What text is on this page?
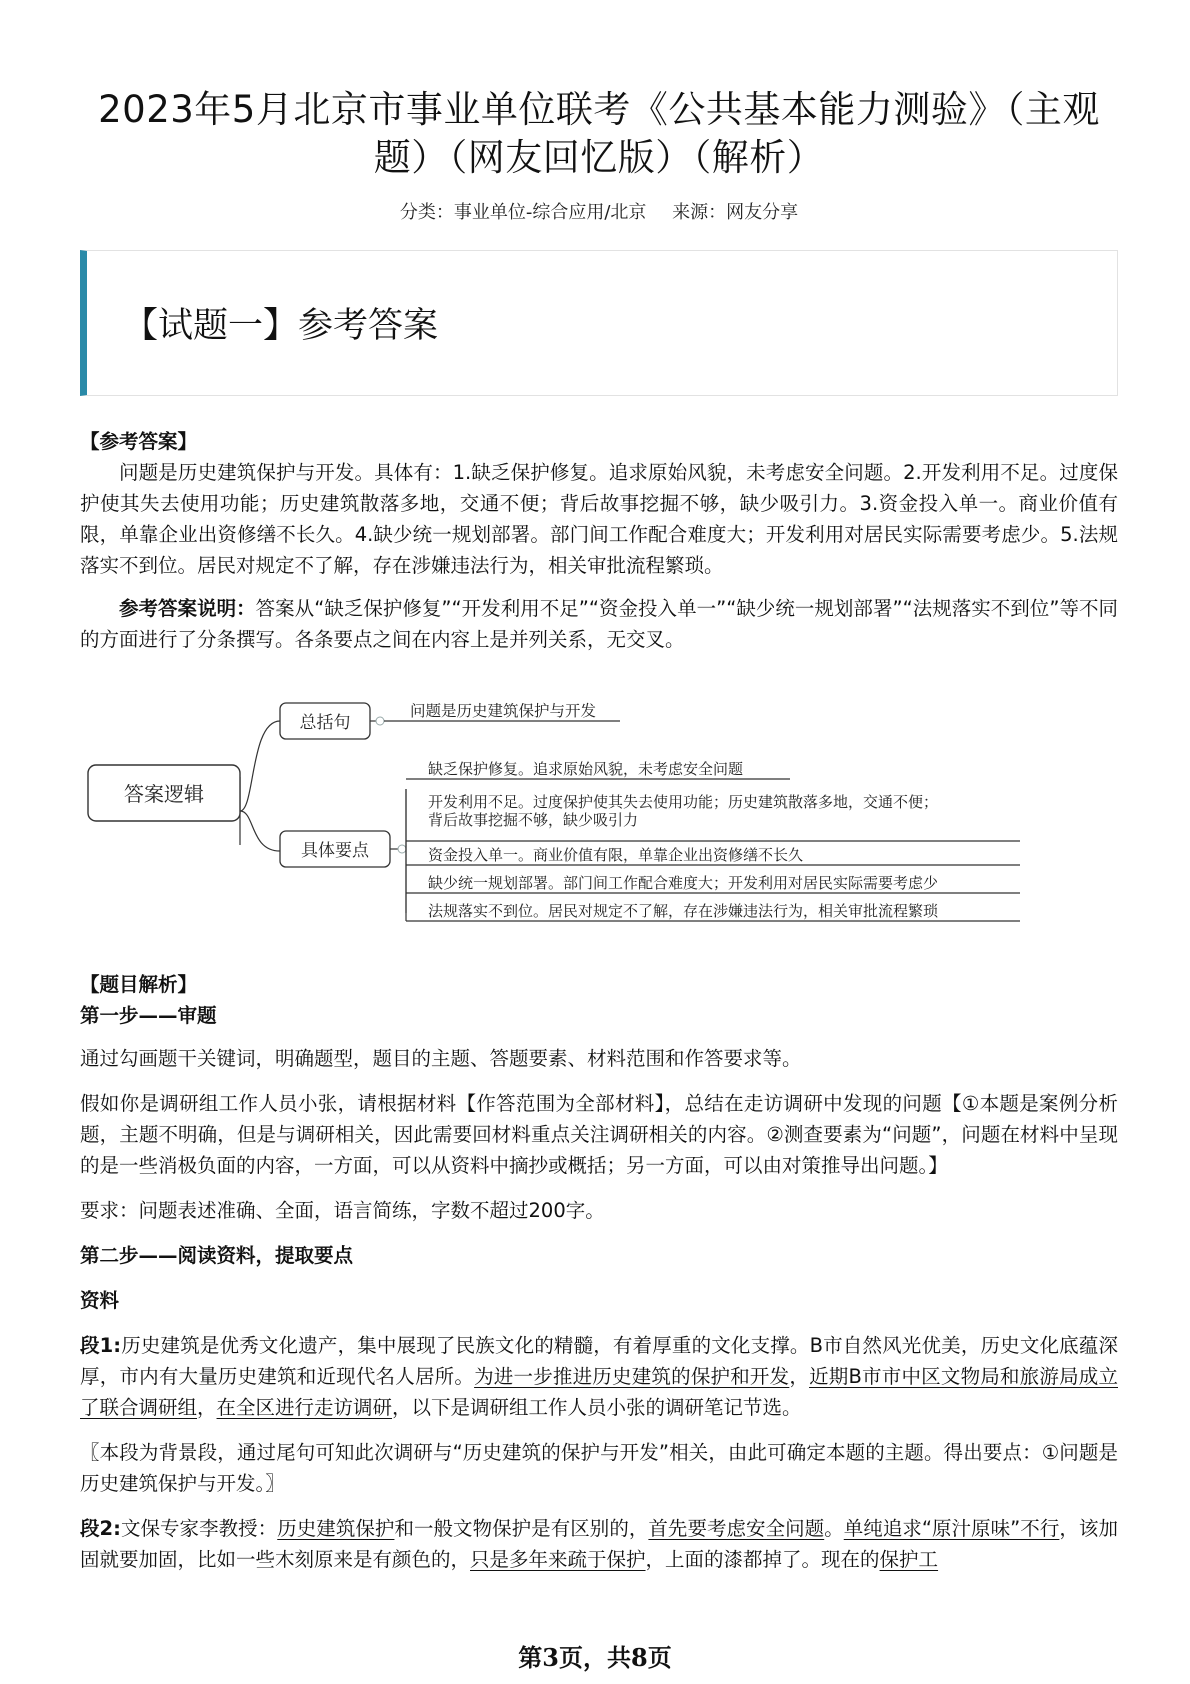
2023年5月北京市事业单位联考《公共基本能力测验》（主观
题）（网友回忆版）（解析）
分类：事业单位-综合应用/北京 来源：网友分享
【试题一】参考答案

【参考答案】

问题是历史建筑保护与开发。具体有：1.缺乏保护修复。追求原始风貌，未考虑安全问题。2.开发利用不足。过度保护使其失去使用功能；历史建筑散落多地，交通不便；背后故事挖掘不够，缺少吸引力。3.资金投入单一。商业价值有限，单靠企业出资修缮不长久。4.缺少统一规划部署。部门间工作配合难度大；开发利用对居民实际需要考虑少。5.法规落实不到位。居民对规定不了解，存在涉嫌违法行为，相关审批流程繁琐。

参考答案说明：答案从“缺乏保护修复”“开发利用不足”“资金投入单一”“缺少统一规划部署”“法规落实不到位”等不同的方面进行了分条撰写。各条要点之间在内容上是并列关系，无交叉。

答案逻辑
总括句
问题是历史建筑保护与开发
具体要点
缺乏保护修复。追求原始风貌，未考虑安全问题
开发利用不足。过度保护使其失去使用功能；历史建筑散落多地，交通不便；
背后故事挖掘不够，缺少吸引力
资金投入单一。商业价值有限，单靠企业出资修缮不长久
缺少统一规划部署。部门间工作配合难度大；开发利用对居民实际需要考虑少
法规落实不到位。居民对规定不了解，存在涉嫌违法行为，相关审批流程繁琐

【题目解析】

第一步——审题

通过勾画题干关键词，明确题型，题目的主题、答题要素、材料范围和作答要求等。

假如你是调研组工作人员小张，请根据材料【作答范围为全部材料】，总结在走访调研中发现的问题【①本题是案例分析题，主题不明确，但是与调研相关，因此需要回材料重点关注调研相关的内容。②测查要素为“问题”，问题在材料中呈现的是一些消极负面的内容，一方面，可以从资料中摘抄或概括；另一方面，可以由对策推导出问题。】

要求：问题表述准确、全面，语言简练，字数不超过200字。

第二步——阅读资料，提取要点

资料

段1:历史建筑是优秀文化遗产，集中展现了民族文化的精髓，有着厚重的文化支撑。B市自然风光优美，历史文化底蕴深厚，市内有大量历史建筑和近现代名人居所。为进一步推进历史建筑的保护和开发，近期B市市中区文物局和旅游局成立了联合调研组，在全区进行走访调研，以下是调研组工作人员小张的调研笔记节选。

〖本段为背景段，通过尾句可知此次调研与“历史建筑的保护与开发”相关，由此可确定本题的主题。得出要点：①问题是历史建筑保护与开发。〗

段2:文保专家李教授：历史建筑保护和一般文物保护是有区别的，首先要考虑安全问题。单纯追求“原汁原味”不行，该加固就要加固，比如一些木刻原来是有颜色的，只是多年来疏于保护，上面的漆都掉了。现在的保护工

第3页，共8页
